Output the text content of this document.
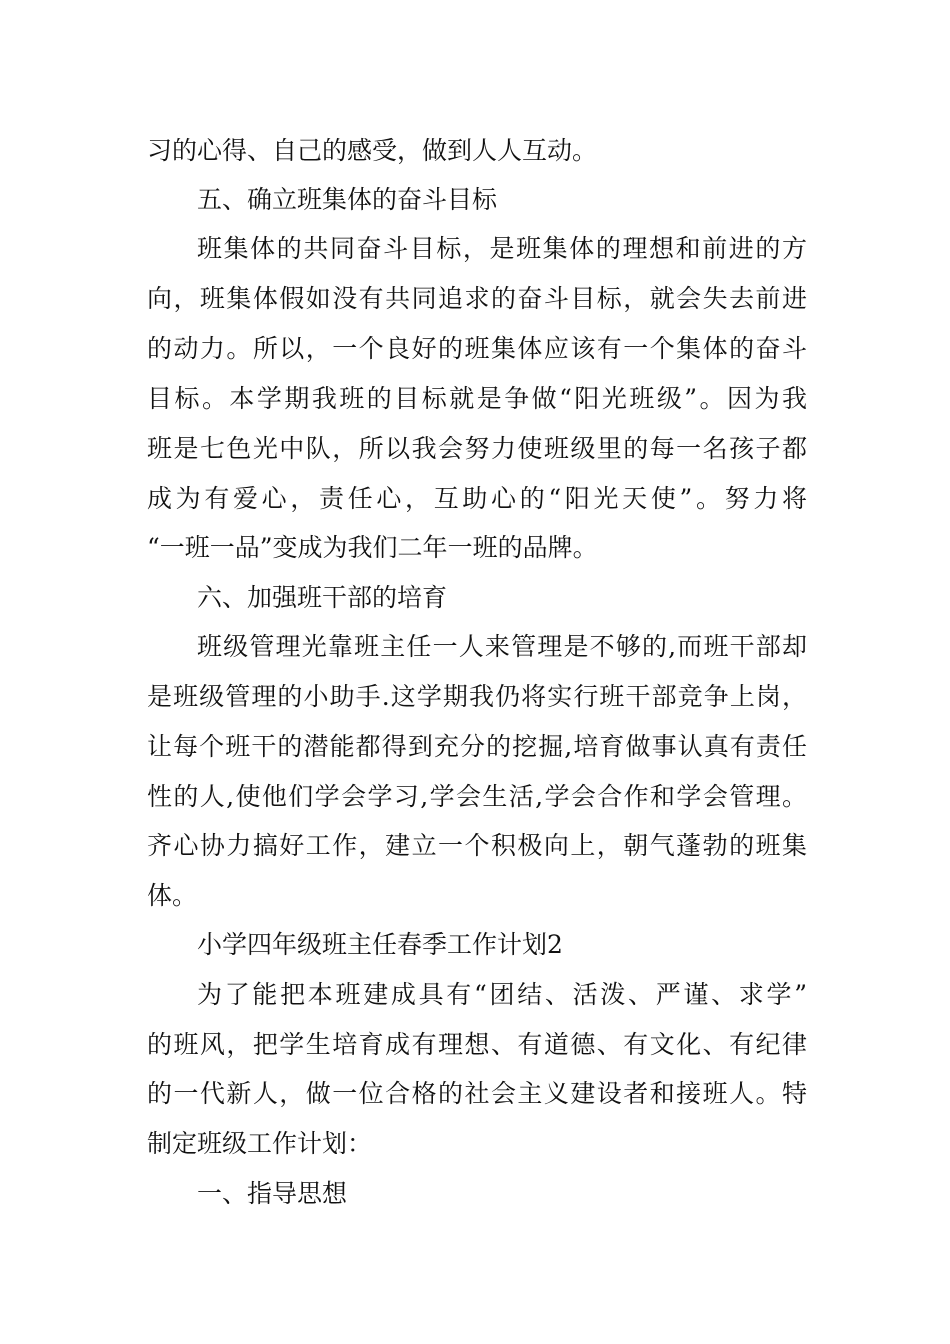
习的心得、自己的感受，做到人人互动。
五、确立班集体的奋斗目标
班集体的共同奋斗目标，是班集体的理想和前进的方
向，班集体假如没有共同追求的奋斗目标，就会失去前进
的动力。所以，一个良好的班集体应该有一个集体的奋斗
目标。本学期我班的目标就是争做“阳光班级”。因为我
班是七色光中队，所以我会努力使班级里的每一名孩子都
成为有爱心，责任心，互助心的“阳光天使”。努力将
“一班一品”变成为我们二年一班的品牌。
六、加强班干部的培育
班级管理光靠班主任一人来管理是不够的,而班干部却
是班级管理的小助手.这学期我仍将实行班干部竞争上岗，
让每个班干的潜能都得到充分的挖掘,培育做事认真有责任
性的人,使他们学会学习,学会生活,学会合作和学会管理。
齐心协力搞好工作，建立一个积极向上，朝气蓬勃的班集
体。
小学四年级班主任春季工作计划2
为了能把本班建成具有“团结、活泼、严谨、求学”
的班风，把学生培育成有理想、有道德、有文化、有纪律
的一代新人，做一位合格的社会主义建设者和接班人。特
制定班级工作计划：
一、指导思想
